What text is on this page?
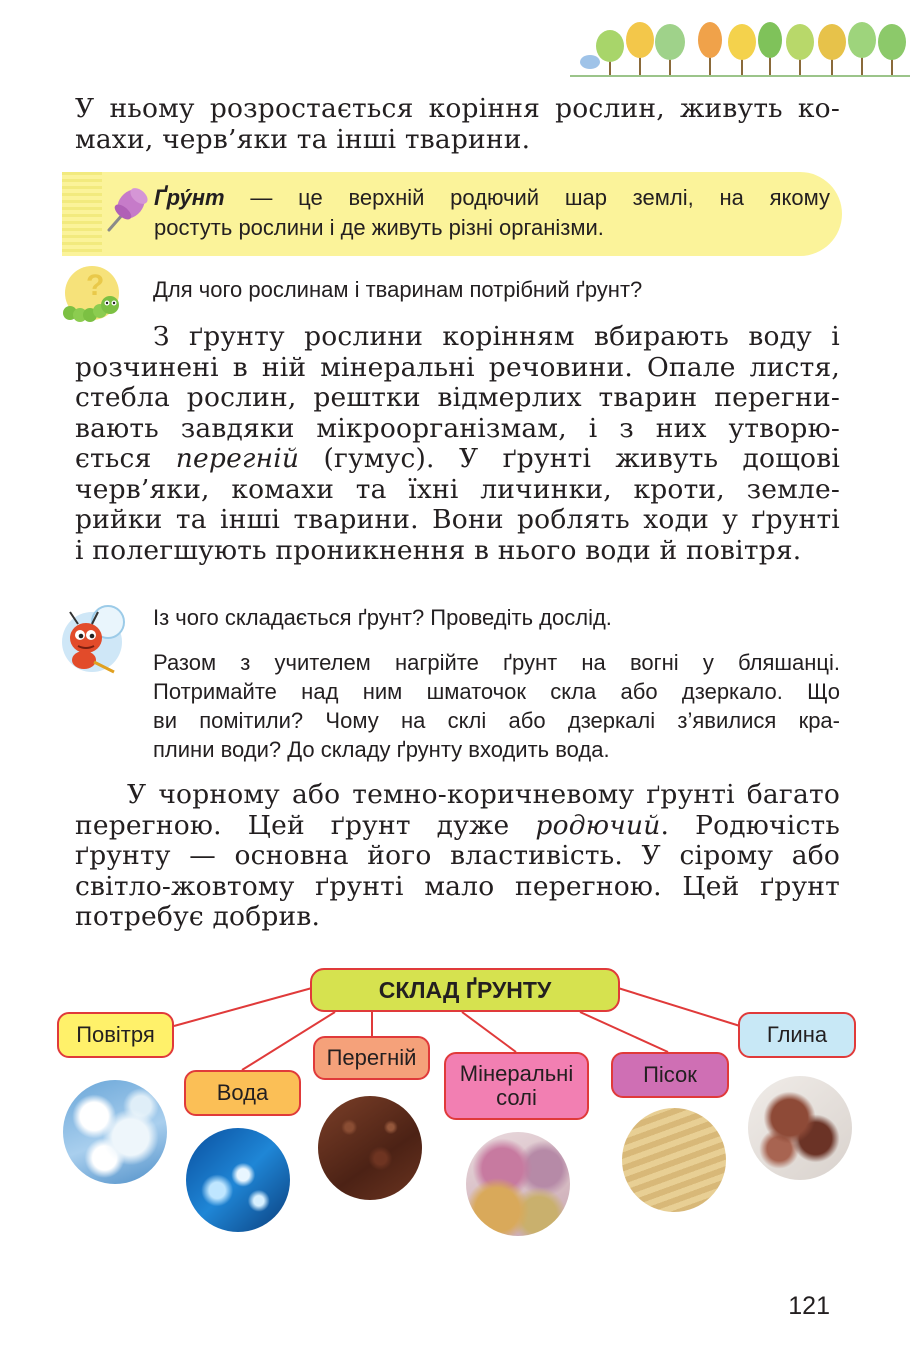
У ньому розростається коріння рослин, живуть ко-
махи, черв’яки та інші тварини.
Ґру́нт — це верхній родючий шар землі, на якому
ростуть рослини і де живуть різні організми.
? Для чого рослинам і тваринам потрібний ґрунт?
З ґрунту рослини корінням вбирають воду і
розчинені в ній мінеральні речовини. Опале листя,
стебла рослин, рештки відмерлих тварин перегни-
вають завдяки мікроорганізмам, і з них утворю-
ється перегній (гумус). У ґрунті живуть дощові
черв’яки, комахи та їхні личинки, кроти, земле-
рийки та інші тварини. Вони роблять ходи у ґрунті
і полегшують проникнення в нього води й повітря.
Із чого складається ґрунт? Проведіть дослід.
Разом з учителем нагрійте ґрунт на вогні у бляшанці.
Потримайте над ним шматочок скла або дзеркало. Що
ви помітили? Чому на склі або дзеркалі з’явилися кра-
плини води? До складу ґрунту входить вода.
У чорному або темно-коричневому ґрунті багато
перегною. Цей ґрунт дуже родючий. Родючість
ґрунту — основна його властивість. У сірому або
світло-жовтому ґрунті мало перегною. Цей ґрунт
потребує добрив.
СКЛАД ҐРУНТУ
Повітря
Вода
Перегній
Мінеральні
солі
Пісок
Глина
121
